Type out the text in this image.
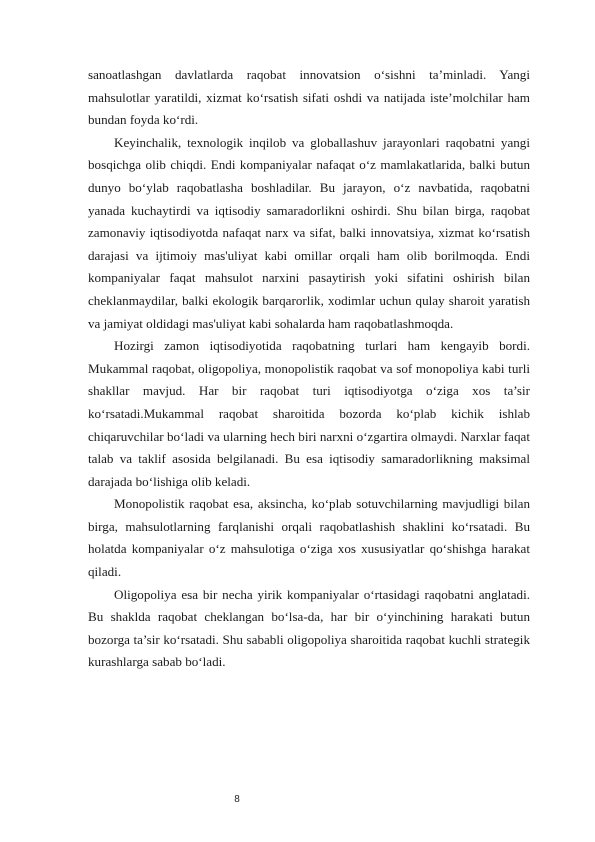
sanoatlashgan davlatlarda raqobat innovatsion o‘sishni ta’minladi. Yangi mahsulotlar yaratildi, xizmat ko‘rsatish sifati oshdi va natijada iste’molchilar ham bundan foyda ko‘rdi.

Keyinchalik, texnologik inqilob va globallashuv jarayonlari raqobatni yangi bosqichga olib chiqdi. Endi kompaniyalar nafaqat o‘z mamlakatlarida, balki butun dunyo bo‘ylab raqobatlasha boshladilar. Bu jarayon, o‘z navbatida, raqobatni yanada kuchaytirdi va iqtisodiy samaradorlikni oshirdi. Shu bilan birga, raqobat zamonaviy iqtisodiyotda nafaqat narx va sifat, balki innovatsiya, xizmat ko‘rsatish darajasi va ijtimoiy mas'uliyat kabi omillar orqali ham olib borilmoqda. Endi kompaniyalar faqat mahsulot narxini pasaytirish yoki sifatini oshirish bilan cheklanmaydilar, balki ekologik barqarorlik, xodimlar uchun qulay sharoit yaratish va jamiyat oldidagi mas'uliyat kabi sohalarda ham raqobatlashmoqda.

Hozirgi zamon iqtisodiyotida raqobatning turlari ham kengayib bordi. Mukammal raqobat, oligopoliya, monopolistik raqobat va sof monopoliya kabi turli shakllar mavjud. Har bir raqobat turi iqtisodiyotga o‘ziga xos ta’sir ko‘rsatadi.Mukammal raqobat sharoitida bozorda ko‘plab kichik ishlab chiqaruvchilar bo‘ladi va ularning hech biri narxni o‘zgartira olmaydi. Narxlar faqat talab va taklif asosida belgilanadi. Bu esa iqtisodiy samaradorlikning maksimal darajada bo‘lishiga olib keladi.

Monopolistik raqobat esa, aksincha, ko‘plab sotuvchilarning mavjudligi bilan birga, mahsulotlarning farqlanishi orqali raqobatlashish shaklini ko‘rsatadi. Bu holatda kompaniyalar o‘z mahsulotiga o‘ziga xos xususiyatlar qo‘shishga harakat qiladi.

Oligopoliya esa bir necha yirik kompaniyalar o‘rtasidagi raqobatni anglatadi. Bu shaklda raqobat cheklangan bo‘lsa-da, har bir o‘yinchining harakati butun bozorga ta’sir ko‘rsatadi. Shu sababli oligopoliya sharoitida raqobat kuchli strategik kurashlarga sabab bo‘ladi.

8
